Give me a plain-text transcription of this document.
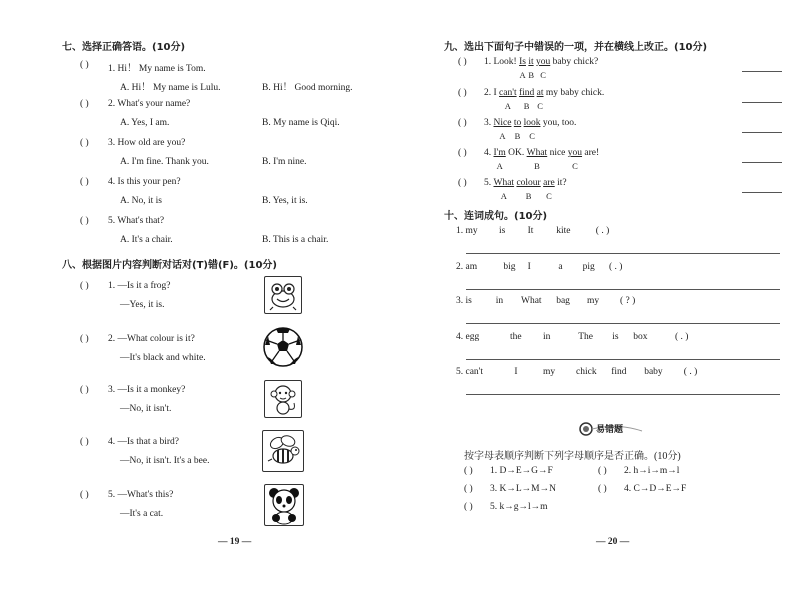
七、选择正确答语。(10分)
八、根据图片内容判断对话对(T)错(F)。(10分)
— 19 —
九、选出下面句子中错误的一项，并在横线上改正。(10分)
十、连词成句。(10分)
易错题
按字母表顺序判断下列字母顺序是否正确。(10分)
— 20 —
( ) 1. Hi！ My name is Tom.
A. Hi！ My name is Lulu.	B. Hi！ Good morning.
( ) 2. What's your name?
A. Yes, I am.	B. My name is Qiqi.
( ) 3. How old are you?
A. I'm fine. Thank you.	B. I'm nine.
( ) 4. Is this your pen?
A. No, it is	B. Yes, it is.
( ) 5. What's that?
A. It's a chair.	B. This is a chair.
( ) 1. —Is it a frog?
—Yes, it is.
( ) 2. —What colour is it?
—It's black and white.
( ) 3. —Is it a monkey?
—No, it isn't.
( ) 4. —Is that a bird?
—No, it isn't. It's a bee.
( ) 5. —What's this?
—It's a cat.
( ) 1. Look! Is
A
it
B
you
C
baby chick?
( ) 2. I can't
A
find
B
at
C
my baby chick.
( ) 3. Nice
A
to
B
look
C
you, too.
( ) 4. I'm
A
OK. What
B
nice you
C
are!
( ) 5. What
A
colour
B
are
C
it?
1. my is It kite	( . )
2. am	big I	a pig ( . )
3. is	in What bag my ( ? )
4. egg	the in	The is box	( . )
5. can't	I	my chick find baby ( . )
( ) 1. D→E→G→F	( ) 2. h→i→m→l
( ) 3. K→L→M→N	( ) 4. C→D→E→F
( ) 5. k→g→l→m
